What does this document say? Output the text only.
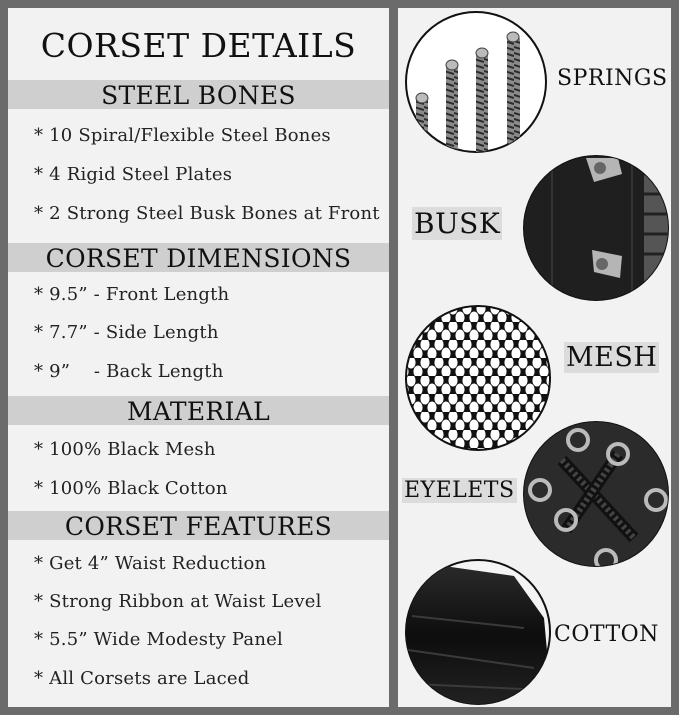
CORSET DETAILS
STEEL BONES
* 10 Spiral/Flexible Steel Bones
* 4 Rigid Steel Plates
* 2 Strong Steel Busk Bones at Front
CORSET DIMENSIONS
* 9.5” - Front Length
* 7.7” - Side Length
* 9”    - Back Length
MATERIAL
* 100% Black Mesh
* 100% Black Cotton
CORSET FEATURES
* Get 4” Waist Reduction
* Strong Ribbon at Waist Level
* 5.5” Wide Modesty Panel
* All Corsets are Laced
SPRINGS
BUSK
MESH
EYELETS
COTTON
